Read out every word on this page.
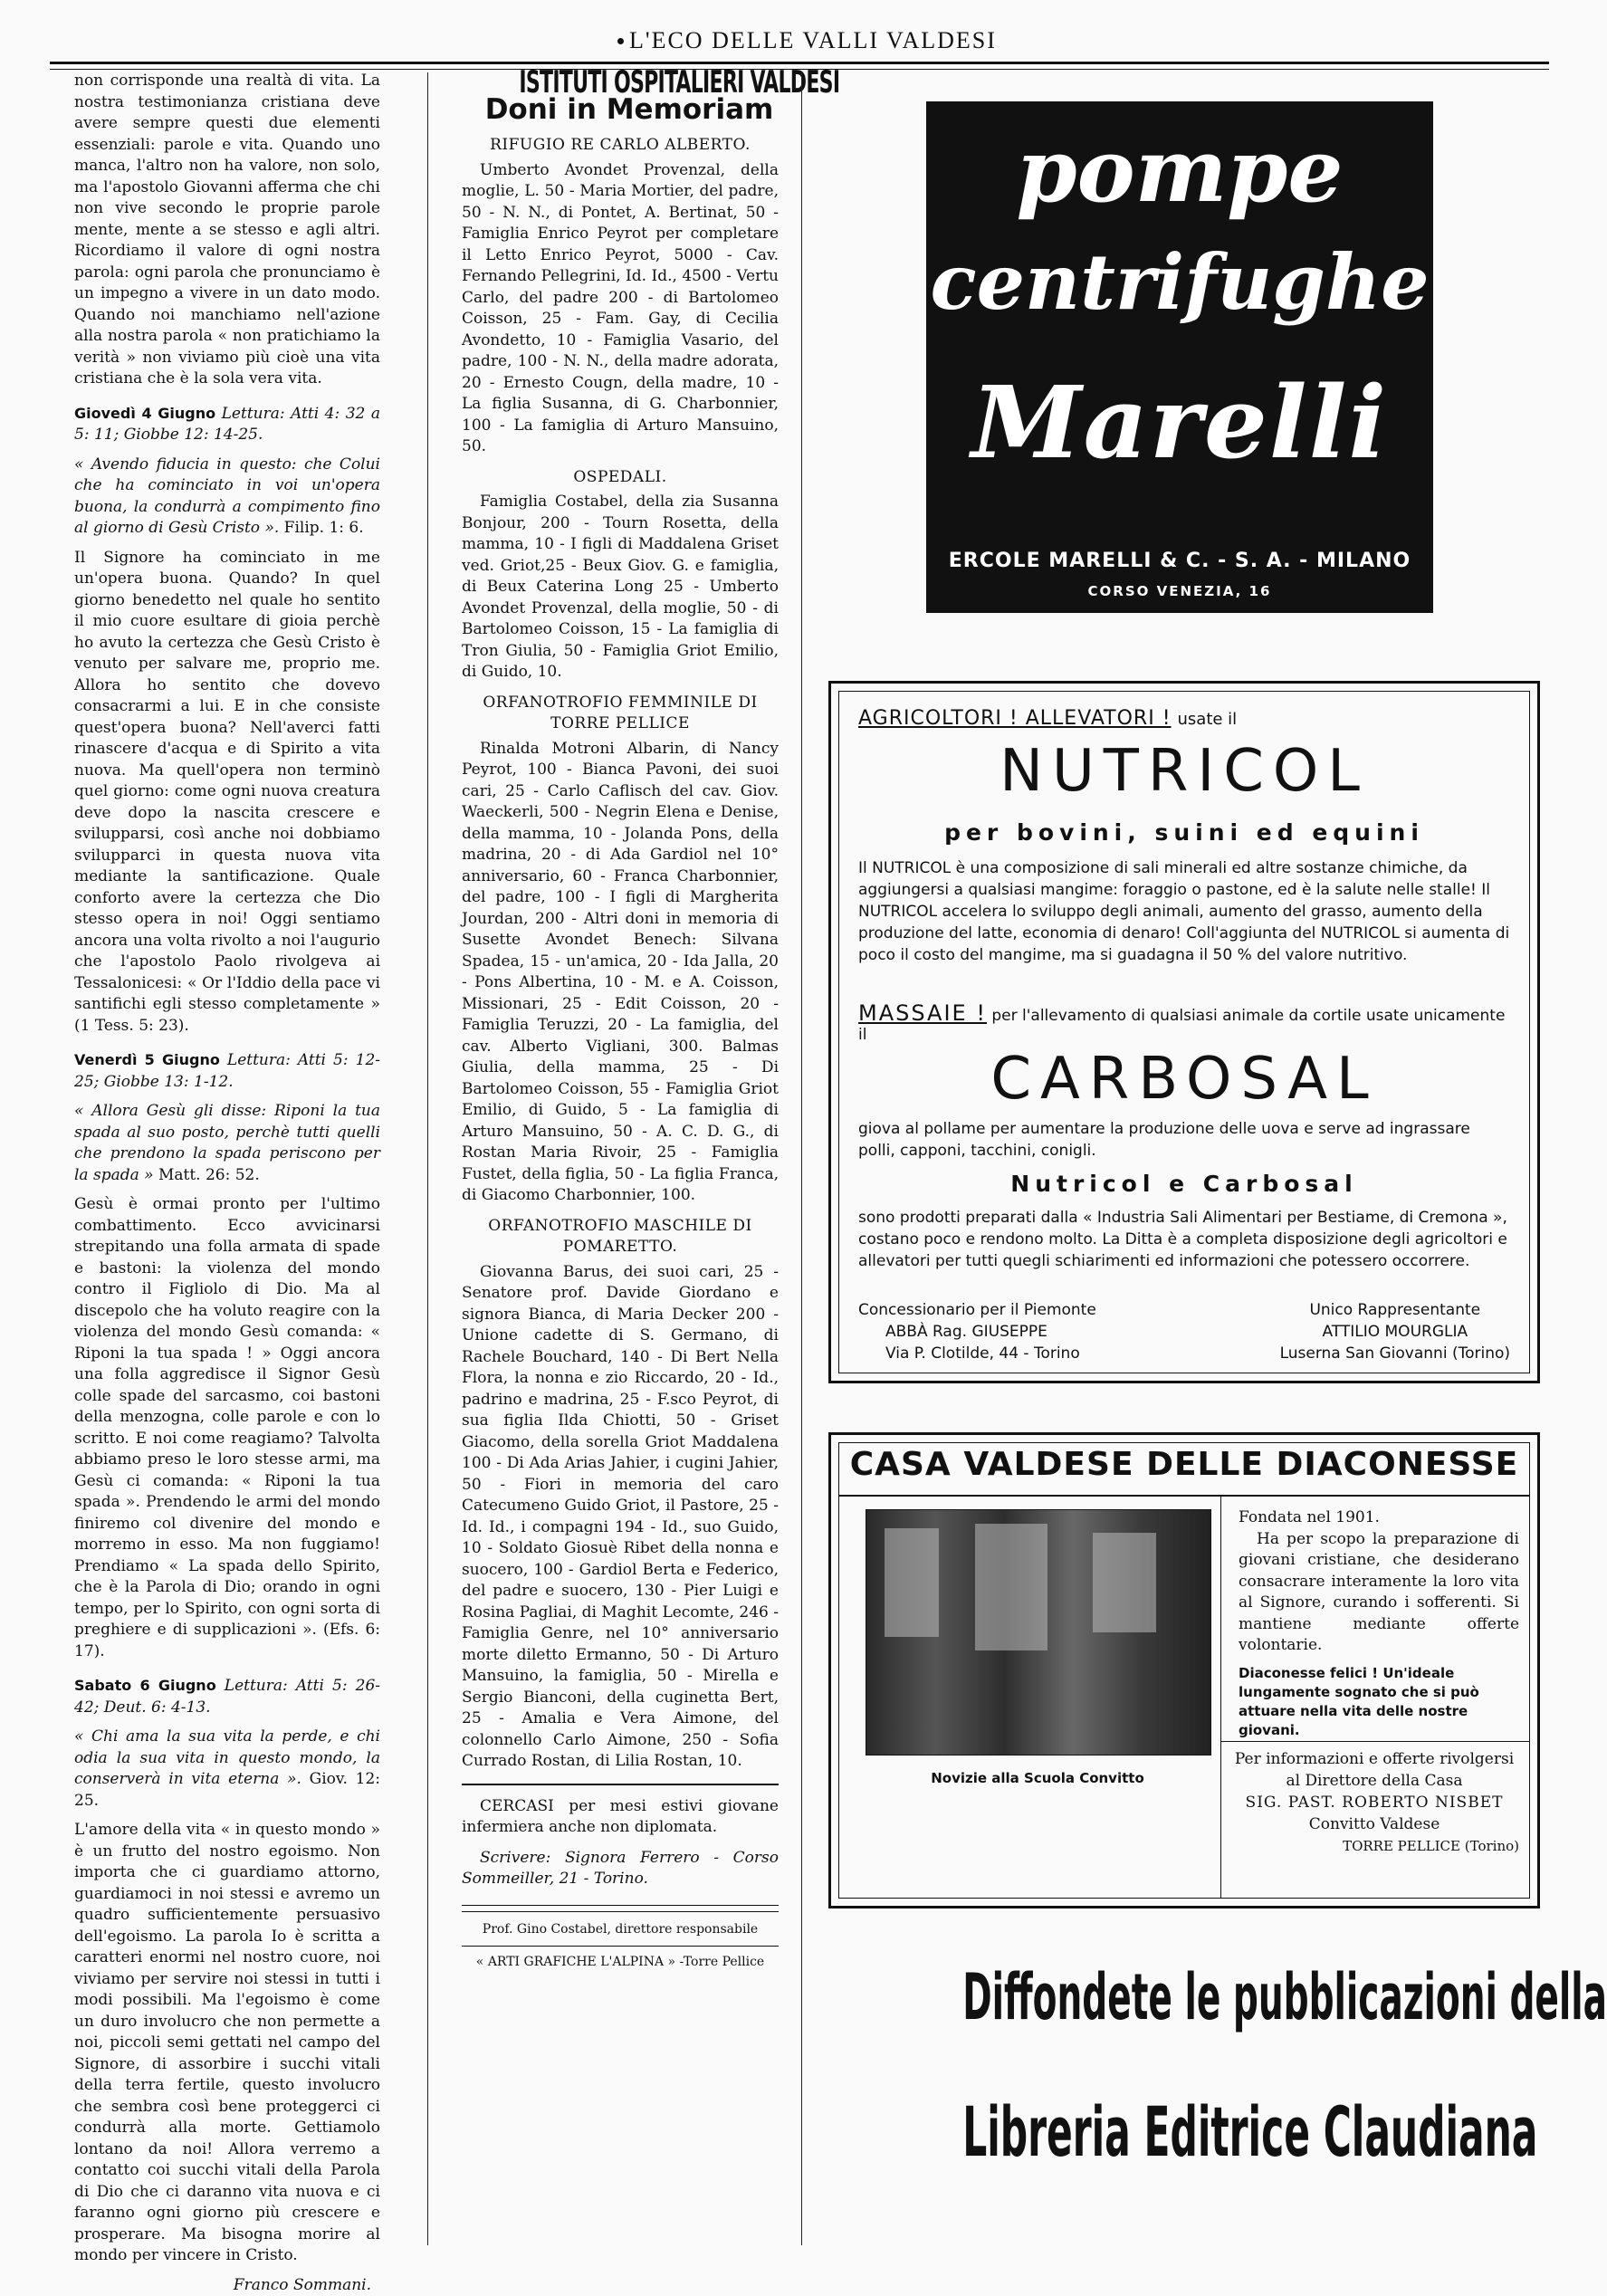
L'ECO DELLE VALLI VALDESI

non corrisponde una realtà di vita. La nostra testimonianza cristiana deve avere sempre questi due elementi essenziali: parole e vita. Quando uno manca, l'altro non ha valore, non solo, ma l'apostolo Giovanni afferma che chi non vive secondo le proprie parole mente, mente a se stesso e agli altri. Ricordiamo il valore di ogni nostra parola: ogni parola che pronunciamo è un impegno a vivere in un dato modo. Quando noi manchiamo nell'azione alla nostra parola « non pratichiamo la verità » non viviamo più cioè una vita cristiana che è la sola vera vita.

Giovedì 4 Giugno Lettura: Atti 4: 32 a 5: 11; Giobbe 12: 14-25.

« Avendo fiducia in questo: che Colui che ha cominciato in voi un'opera buona, la condurrà a compimento fino al giorno di Gesù Cristo ». Filip. 1: 6.

Il Signore ha cominciato in me un'opera buona. Quando? In quel giorno benedetto nel quale ho sentito il mio cuore esultare di gioia perchè ho avuto la certezza che Gesù Cristo è venuto per salvare me, proprio me. Allora ho sentito che dovevo consacrarmi a lui. E in che consiste quest'opera buona? Nell'averci fatti rinascere d'acqua e di Spirito a vita nuova. Ma quell'opera non terminò quel giorno: come ogni nuova creatura deve dopo la nascita crescere e svilupparsi, così anche noi dobbiamo svilupparci in questa nuova vita mediante la santificazione. Quale conforto avere la certezza che Dio stesso opera in noi! Oggi sentiamo ancora una volta rivolto a noi l'augurio che l'apostolo Paolo rivolgeva ai Tessalonicesi: « Or l'Iddio della pace vi santifichi egli stesso completamente » (1 Tess. 5: 23).

Venerdì 5 Giugno Lettura: Atti 5: 12-25; Giobbe 13: 1-12.

« Allora Gesù gli disse: Riponi la tua spada al suo posto, perchè tutti quelli che prendono la spada periscono per la spada » Matt. 26: 52.

Gesù è ormai pronto per l'ultimo combattimento. Ecco avvicinarsi strepitando una folla armata di spade e bastoni: la violenza del mondo contro il Figliolo di Dio. Ma al discepolo che ha voluto reagire con la violenza del mondo Gesù comanda: « Riponi la tua spada ! » Oggi ancora una folla aggredisce il Signor Gesù colle spade del sarcasmo, coi bastoni della menzogna, colle parole e con lo scritto. E noi come reagiamo? Talvolta abbiamo preso le loro stesse armi, ma Gesù ci comanda: « Riponi la tua spada ». Prendendo le armi del mondo finiremo col divenire del mondo e morremo in esso. Ma non fuggiamo! Prendiamo « La spada dello Spirito, che è la Parola di Dio; orando in ogni tempo, per lo Spirito, con ogni sorta di preghiere e di supplicazioni ». (Efs. 6: 17).

Sabato 6 Giugno Lettura: Atti 5: 26-42; Deut. 6: 4-13.

« Chi ama la sua vita la perde, e chi odia la sua vita in questo mondo, la conserverà in vita eterna ». Giov. 12: 25.

L'amore della vita « in questo mondo » è un frutto del nostro egoismo. Non importa che ci guardiamo attorno, guardiamoci in noi stessi e avremo un quadro sufficientemente persuasivo dell'egoismo. La parola Io è scritta a caratteri enormi nel nostro cuore, noi viviamo per servire noi stessi in tutti i modi possibili. Ma l'egoismo è come un duro involucro che non permette a noi, piccoli semi gettati nel campo del Signore, di assorbire i succhi vitali della terra fertile, questo involucro che sembra così bene proteggerci ci condurrà alla morte. Gettiamolo lontano da noi! Allora verremo a contatto coi succhi vitali della Parola di Dio che ci daranno vita nuova e ci faranno ogni giorno più crescere e prosperare. Ma bisogna morire al mondo per vincere in Cristo.

Franco Sommani.

ISTITUTI OSPITALIERI VALDESI

Doni in Memoriam

RIFUGIO RE CARLO ALBERTO.

Umberto Avondet Provenzal, della moglie, L. 50 - Maria Mortier, del padre, 50 - N. N., di Pontet, A. Bertinat, 50 - Famiglia Enrico Peyrot per completare il Letto Enrico Peyrot, 5000 - Cav. Fernando Pellegrini, Id. Id., 4500 - Vertu Carlo, del padre 200 - di Bartolomeo Coisson, 25 - Fam. Gay, di Cecilia Avondetto, 10 - Famiglia Vasario, del padre, 100 - N. N., della madre adorata, 20 - Ernesto Cougn, della madre, 10 - La figlia Susanna, di G. Charbonnier, 100 - La famiglia di Arturo Mansuino, 50.

OSPEDALI.

Famiglia Costabel, della zia Susanna Bonjour, 200 - Tourn Rosetta, della mamma, 10 - I figli di Maddalena Griset ved. Griot,25 - Beux Giov. G. e famiglia, di Beux Caterina Long 25 - Umberto Avondet Provenzal, della moglie, 50 - di Bartolomeo Coisson, 15 - La famiglia di Tron Giulia, 50 - Famiglia Griot Emilio, di Guido, 10.

ORFANOTROFIO FEMMINILE DI TORRE PELLICE

Rinalda Motroni Albarin, di Nancy Peyrot, 100 - Bianca Pavoni, dei suoi cari, 25 - Carlo Caflisch del cav. Giov. Waeckerli, 500 - Negrin Elena e Denise, della mamma, 10 - Jolanda Pons, della madrina, 20 - di Ada Gardiol nel 10° anniversario, 60 - Franca Charbonnier, del padre, 100 - I figli di Margherita Jourdan, 200 - Altri doni in memoria di Susette Avondet Benech: Silvana Spadea, 15 - un'amica, 20 - Ida Jalla, 20 - Pons Albertina, 10 - M. e A. Coisson, Missionari, 25 - Edit Coisson, 20 - Famiglia Teruzzi, 20 - La famiglia, del cav. Alberto Vigliani, 300. Balmas Giulia, della mamma, 25 - Di Bartolomeo Coisson, 55 - Famiglia Griot Emilio, di Guido, 5 - La famiglia di Arturo Mansuino, 50 - A. C. D. G., di Rostan Maria Rivoir, 25 - Famiglia Fustet, della figlia, 50 - La figlia Franca, di Giacomo Charbonnier, 100.

ORFANOTROFIO MASCHILE DI POMARETTO.

Giovanna Barus, dei suoi cari, 25 - Senatore prof. Davide Giordano e signora Bianca, di Maria Decker 200 - Unione cadette di S. Germano, di Rachele Bouchard, 140 - Di Bert Nella Flora, la nonna e zio Riccardo, 20 - Id., padrino e madrina, 25 - F.sco Peyrot, di sua figlia Ilda Chiotti, 50 - Griset Giacomo, della sorella Griot Maddalena 100 - Di Ada Arias Jahier, i cugini Jahier, 50 - Fiori in memoria del caro Catecumeno Guido Griot, il Pastore, 25 - Id. Id., i compagni 194 - Id., suo Guido, 10 - Soldato Giosuè Ribet della nonna e suocero, 100 - Gardiol Berta e Federico, del padre e suocero, 130 - Pier Luigi e Rosina Pagliai, di Maghit Lecomte, 246 - Famiglia Genre, nel 10° anniversario morte diletto Ermanno, 50 - Di Arturo Mansuino, la famiglia, 50 - Mirella e Sergio Bianconi, della cuginetta Bert, 25 - Amalia e Vera Aimone, del colonnello Carlo Aimone, 250 - Sofia Currado Rostan, di Lilia Rostan, 10.

CERCASI per mesi estivi giovane infermiera anche non diplomata.

Scrivere: Signora Ferrero - Corso Sommeiller, 21 - Torino.

Prof. Gino Costabel, direttore responsabile
« ARTI GRAFICHE L'ALPINA » -Torre Pellice
pompe
centrifughe
Marelli
ERCOLE MARELLI & C. - S. A. - MILANO
CORSO VENEZIA, 16
AGRICOLTORI ! ALLEVATORI ! usate il
NUTRICOL
per bovini, suini ed equini
Il NUTRICOL è una composizione di sali minerali ed altre sostanze chimiche, da aggiungersi a qualsiasi mangime: foraggio o pastone, ed è la salute nelle stalle! Il NUTRICOL accelera lo sviluppo degli animali, aumento del grasso, aumento della produzione del latte, economia di denaro! Coll'aggiunta del NUTRICOL si aumenta di poco il costo del mangime, ma si guadagna il 50 % del valore nutritivo.
MASSAIE ! per l'allevamento di qualsiasi animale da cortile usate unicamente il
CARBOSAL
giova al pollame per aumentare la produzione delle uova e serve ad ingrassare polli, capponi, tacchini, conigli.
Nutricol e Carbosal
sono prodotti preparati dalla « Industria Sali Alimentari per Bestiame, di Cremona », costano poco e rendono molto. La Ditta è a completa disposizione degli agricoltori e allevatori per tutti quegli schiarimenti ed informazioni che potessero occorrere.
Concessionario per il Piemonte
ABBÀ Rag. GIUSEPPE
Via P. Clotilde, 44 - Torino
Unico Rappresentante
ATTILIO MOURGLIA
Luserna San Giovanni (Torino)
CASA VALDESE DELLE DIACONESSE
Novizie alla Scuola Convitto

Fondata nel 1901.

Ha per scopo la preparazione di giovani cristiane, che desiderano consacrare interamente la loro vita al Signore, curando i sofferenti. Si mantiene mediante offerte volontarie.

Diaconesse felici ! Un'ideale lungamente sognato che si può attuare nella vita delle nostre giovani.

Per informazioni e offerte rivolgersi al Direttore della Casa
SIG. PAST. ROBERTO NISBET
Convitto Valdese
TORRE PELLICE (Torino)
Diffondete le pubblicazioni della
Libreria Editrice Claudiana
